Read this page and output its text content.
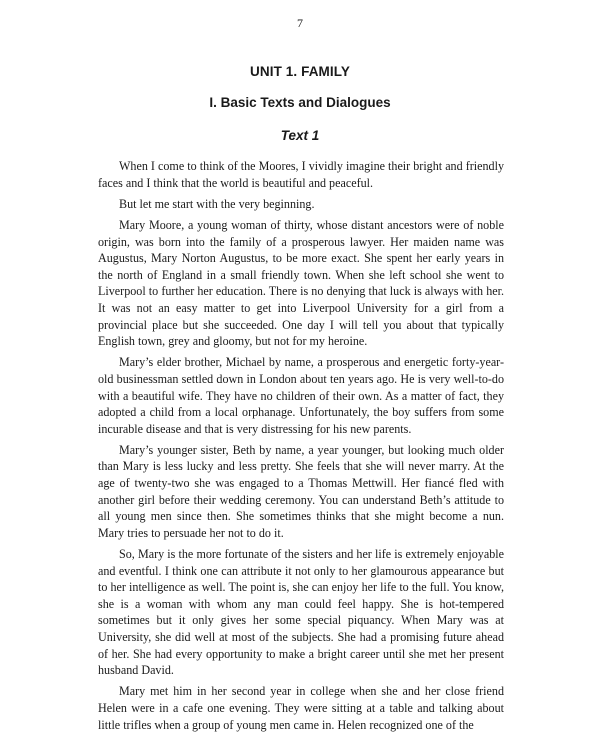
7
UNIT 1. FAMILY
I. Basic Texts and Dialogues
Text 1

When I come to think of the Moores, I vividly imagine their bright and friendly faces and I think that the world is beautiful and peaceful.

But let me start with the very beginning.

Mary Moore, a young woman of thirty, whose distant ancestors were of noble origin, was born into the family of a prosperous lawyer. Her maiden name was Augustus, Mary Norton Augustus, to be more exact. She spent her early years in the north of England in a small friendly town. When she left school she went to Liverpool to further her education. There is no denying that luck is always with her. It was not an easy matter to get into Liverpool University for a girl from a provincial place but she succeeded. One day I will tell you about that typically English town, grey and gloomy, but not for my heroine.

Mary’s elder brother, Michael by name, a prosperous and energetic forty-year-old businessman settled down in London about ten years ago. He is very well-to-do with a beautiful wife. They have no children of their own. As a matter of fact, they adopted a child from a local orphanage. Unfortunately, the boy suffers from some incurable disease and that is very distressing for his new parents.

Mary’s younger sister, Beth by name, a year younger, but looking much older than Mary is less lucky and less pretty. She feels that she will never marry. At the age of twenty-two she was engaged to a Thomas Mettwill. Her fiancé fled with another girl before their wedding ceremony. You can understand Beth’s attitude to all young men since then. She sometimes thinks that she might become a nun. Mary tries to persuade her not to do it.

So, Mary is the more fortunate of the sisters and her life is extremely enjoyable and eventful. I think one can attribute it not only to her glamourous appearance but to her intelligence as well. The point is, she can enjoy her life to the full. You know, she is a woman with whom any man could feel happy. She is hot-tempered sometimes but it only gives her some special piquancy. When Mary was at University, she did well at most of the subjects. She had a promising future ahead of her. She had every opportunity to make a bright career until she met her present husband David.

Mary met him in her second year in college when she and her close friend Helen were in a cafe one evening. They were sitting at a table and talking about little trifles when a group of young men came in. Helen recognized one of the
